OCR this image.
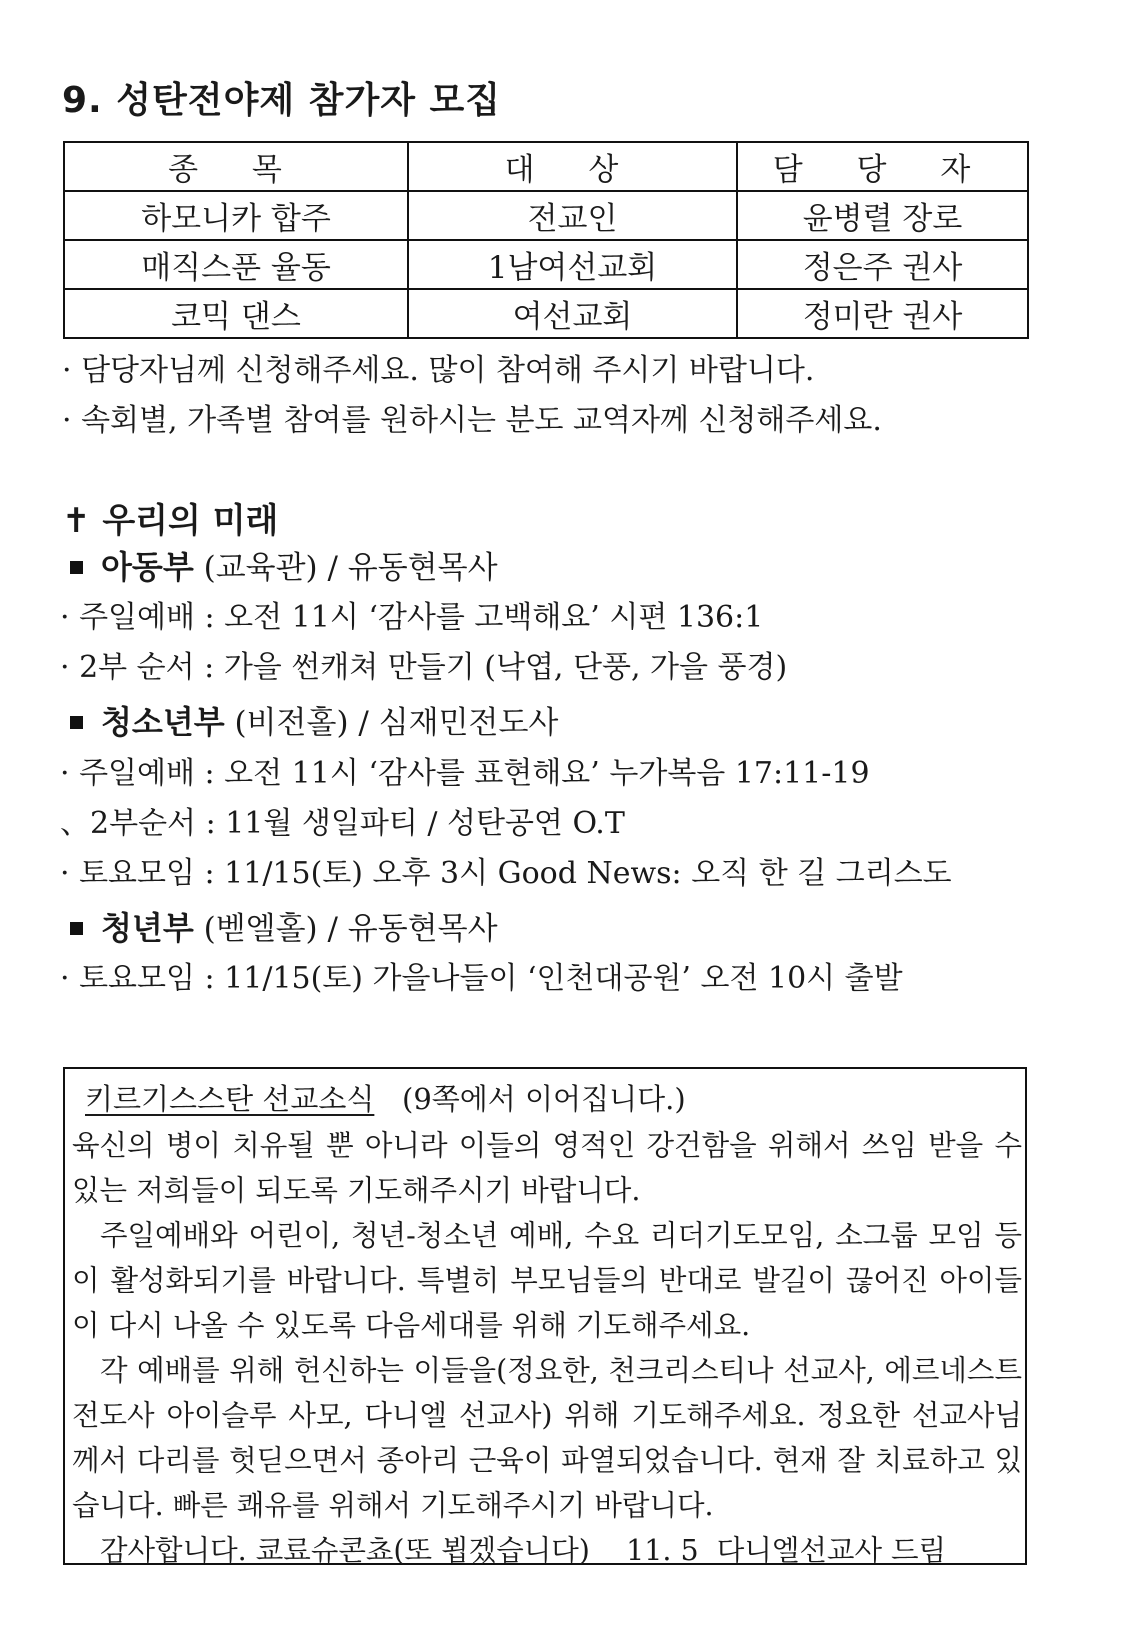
9. 성탄전야제 참가자 모집
종 목	대 상	담 당 자
하모니카 합주	전교인	윤병렬 장로
매직스푼 율동	1남여선교회	정은주 권사
코믹 댄스	여선교회	정미란 권사
· 담당자님께 신청해주세요. 많이 참여해 주시기 바랍니다.
· 속회별, 가족별 참여를 원하시는 분도 교역자께 신청해주세요.
✝ 우리의 미래
아동부 (교육관) / 유동현목사
· 주일예배 : 오전 11시 ‘감사를 고백해요’ 시편 136:1
· 2부 순서 : 가을 썬캐쳐 만들기 (낙엽, 단풍, 가을 풍경)
청소년부 (비전홀) / 심재민전도사
· 주일예배 : 오전 11시 ‘감사를 표현해요’ 누가복음 17:11-19
、2부순서 : 11월 생일파티 / 성탄공연 O.T
· 토요모임 : 11/15(토) 오후 3시 Good News: 오직 한 길 그리스도
청년부 (벧엘홀) / 유동현목사
· 토요모임 : 11/15(토) 가을나들이 ‘인천대공원’ 오전 10시 출발
키르기스스탄 선교소식 (9쪽에서 이어집니다.)

육신의 병이 치유될 뿐 아니라 이들의 영적인 강건함을 위해서 쓰임 받을 수 있는 저희들이 되도록 기도해주시기 바랍니다.

주일예배와 어린이, 청년-청소년 예배, 수요 리더기도모임, 소그룹 모임 등이 활성화되기를 바랍니다. 특별히 부모님들의 반대로 발길이 끊어진 아이들이 다시 나올 수 있도록 다음세대를 위해 기도해주세요.

각 예배를 위해 헌신하는 이들을(정요한, 천크리스티나 선교사, 에르네스트 전도사 아이슬루 사모, 다니엘 선교사) 위해 기도해주세요. 정요한 선교사님께서 다리를 헛딛으면서 종아리 근육이 파열되었습니다. 현재 잘 치료하고 있습니다. 빠른 쾌유를 위해서 기도해주시기 바랍니다.

감사합니다. 쿄료슈콘쵸(또 뵙겠습니다)    11. 5  다니엘선교사 드림
